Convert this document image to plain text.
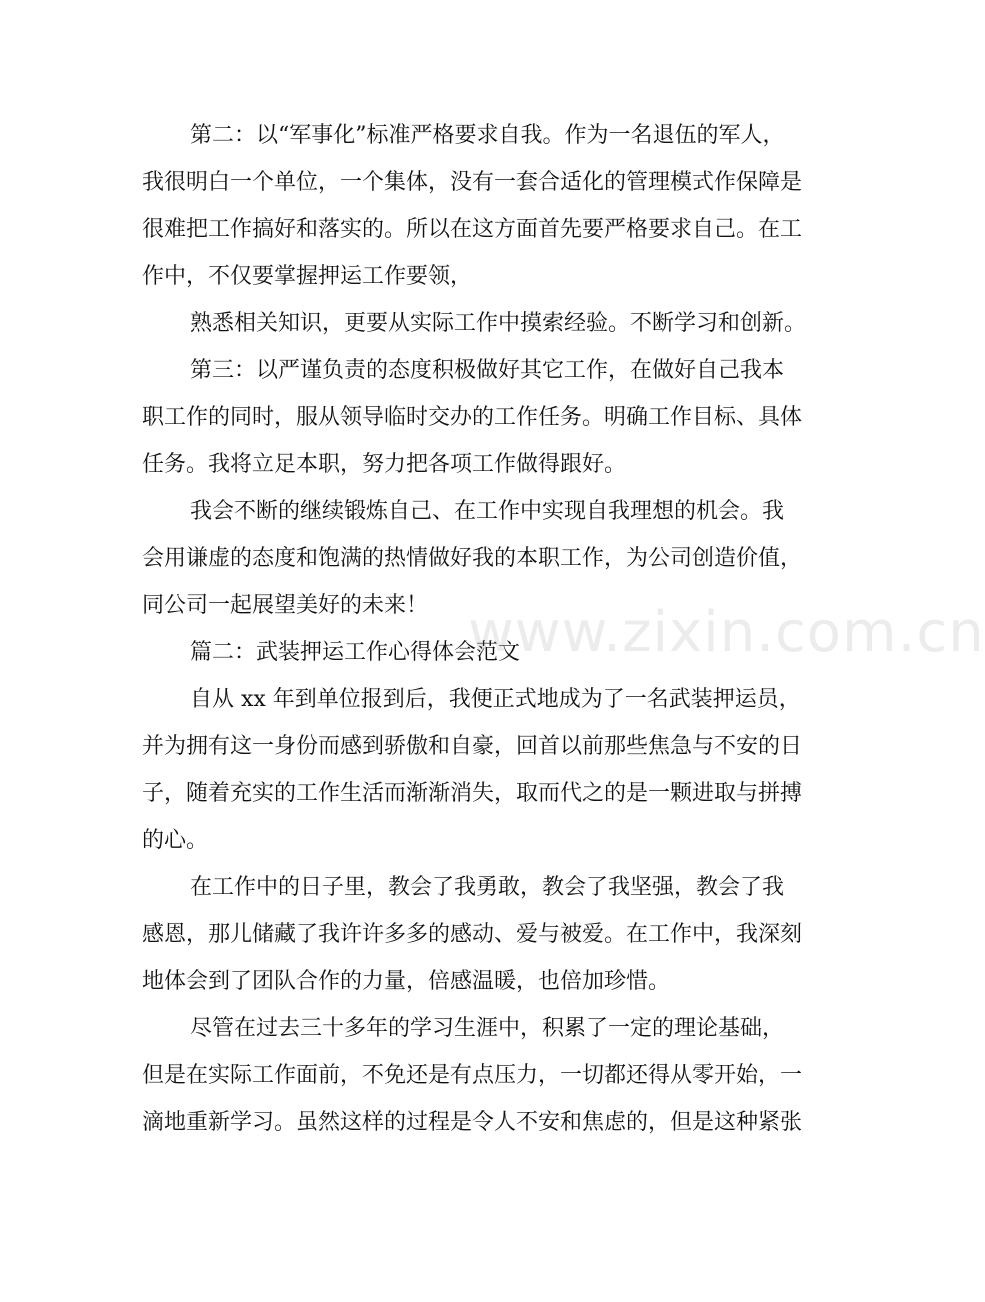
第二：以“军事化”标准严格要求自我。作为一名退伍的军人，
我很明白一个单位，一个集体，没有一套合适化的管理模式作保障是
很难把工作搞好和落实的。所以在这方面首先要严格要求自己。在工
作中，不仅要掌握押运工作要领，
熟悉相关知识，更要从实际工作中摸索经验。不断学习和创新。
第三：以严谨负责的态度积极做好其它工作，在做好自己我本
职工作的同时，服从领导临时交办的工作任务。明确工作目标、具体
任务。我将立足本职，努力把各项工作做得跟好。
我会不断的继续锻炼自己、在工作中实现自我理想的机会。我
会用谦虚的态度和饱满的热情做好我的本职工作，为公司创造价值，
同公司一起展望美好的未来！
篇二：武装押运工作心得体会范文
自从 xx 年到单位报到后，我便正式地成为了一名武装押运员，
并为拥有这一身份而感到骄傲和自豪，回首以前那些焦急与不安的日
子，随着充实的工作生活而渐渐消失，取而代之的是一颗进取与拼搏
的心。
在工作中的日子里，教会了我勇敢，教会了我坚强，教会了我
感恩，那儿储藏了我许许多多的感动、爱与被爱。在工作中，我深刻
地体会到了团队合作的力量，倍感温暖，也倍加珍惜。
尽管在过去三十多年的学习生涯中，积累了一定的理论基础，
但是在实际工作面前，不免还是有点压力，一切都还得从零开始，一
滴地重新学习。虽然这样的过程是令人不安和焦虑的，但是这种紧张
www.zixin.com.cn
